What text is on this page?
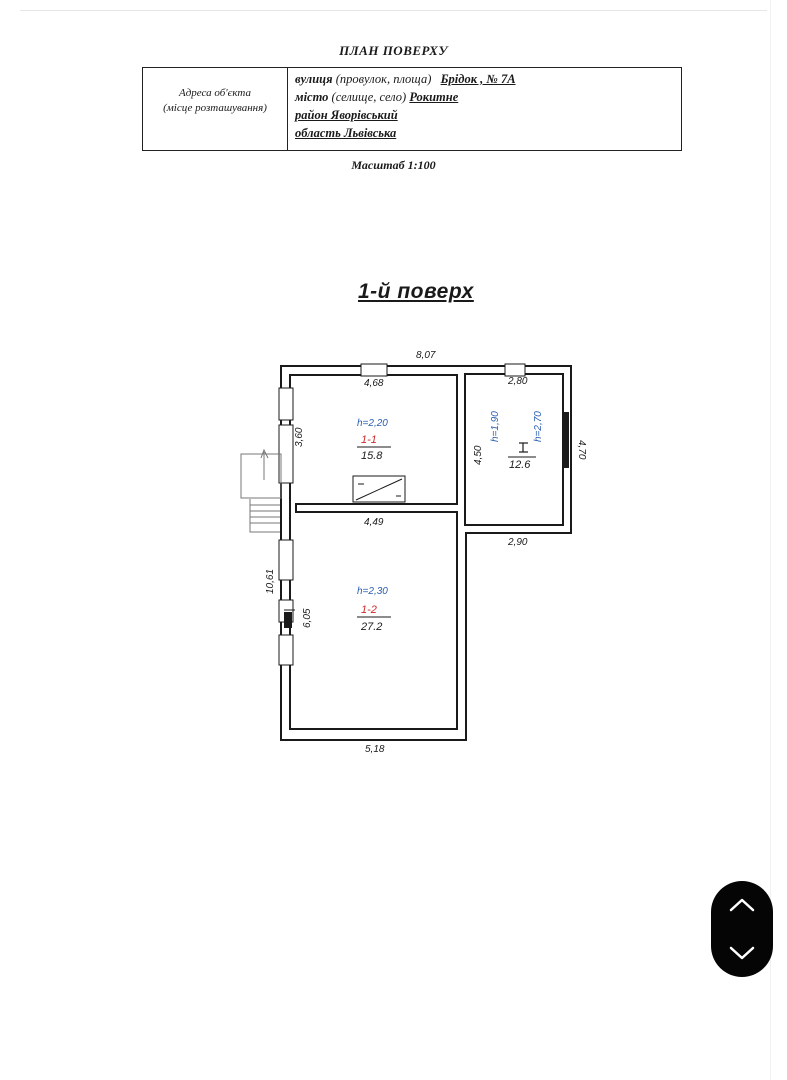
ПЛАН ПОВЕРХУ
Адреса об'єкта
(місце розташування)
вулиця (провулок, площа) Брідок , № 7А
місто (селище, село) Рокитне
район Яворівський
область Львівська
Масштаб 1:100
1-й поверх
8,07
4,68	2,80
3,60
4,50	4,70
4,49
2,90
10,61
6,05
5,18
h=2,20
1-1
15.8
h=2,30
1-2
27.2
h=1,90	h=2,70
12.6
